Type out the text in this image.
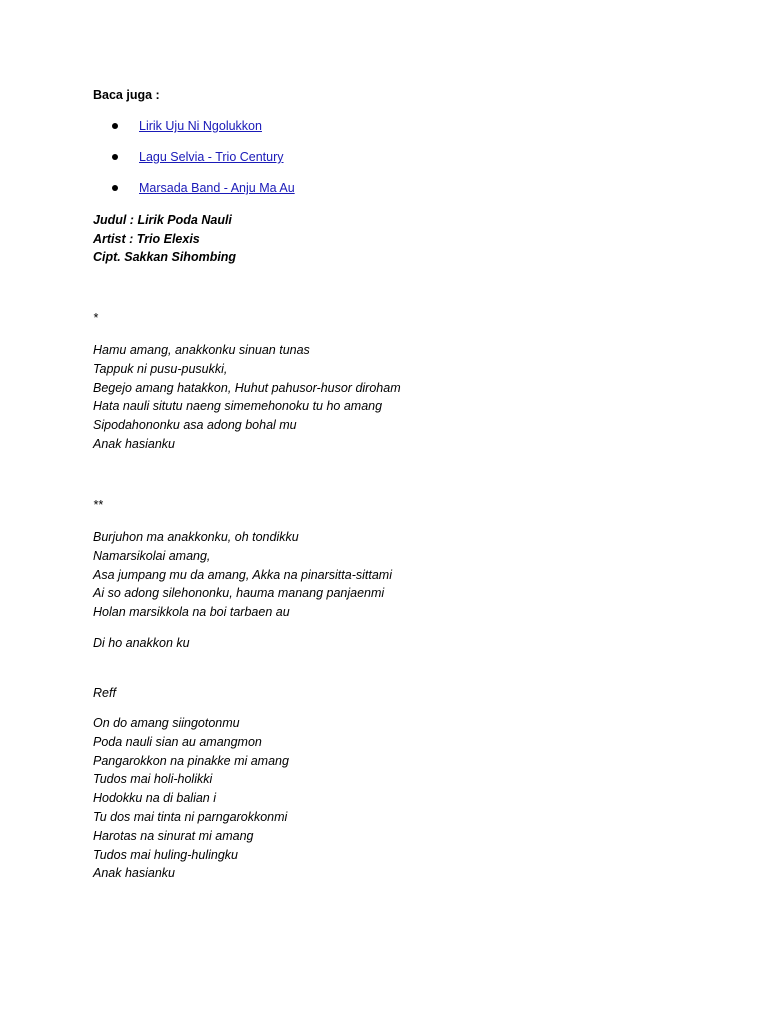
Baca juga :
Lirik Uju Ni Ngolukkon
Lagu Selvia - Trio Century
Marsada Band - Anju Ma Au
Judul : Lirik Poda Nauli
Artist : Trio Elexis
Cipt. Sakkan Sihombing
*
Hamu amang, anakkonku sinuan tunas
Tappuk ni pusu-pusukki,
Begejo amang hatakkon, Huhut pahusor-husor diroham
Hata nauli situtu naeng simemehonoku tu ho amang
Sipodahononku asa adong bohal mu
Anak hasianku
**
Burjuhon ma anakkonku, oh tondikku
Namarsikolai amang,
Asa jumpang mu da amang, Akka na pinarsitta-sittami
Ai so adong silehononku, hauma manang panjaenmi
Holan marsikkola na boi tarbaen au
Di ho anakkon ku
Reff
On do amang siingotonmu
Poda nauli sian au amangmon
Pangarokkon na pinakke mi amang
Tudos mai holi-holikki
Hodokku na di balian i
Tu dos mai tinta ni parngarokkonmi
Harotas na sinurat mi amang
Tudos mai huling-hulingku
Anak hasianku
